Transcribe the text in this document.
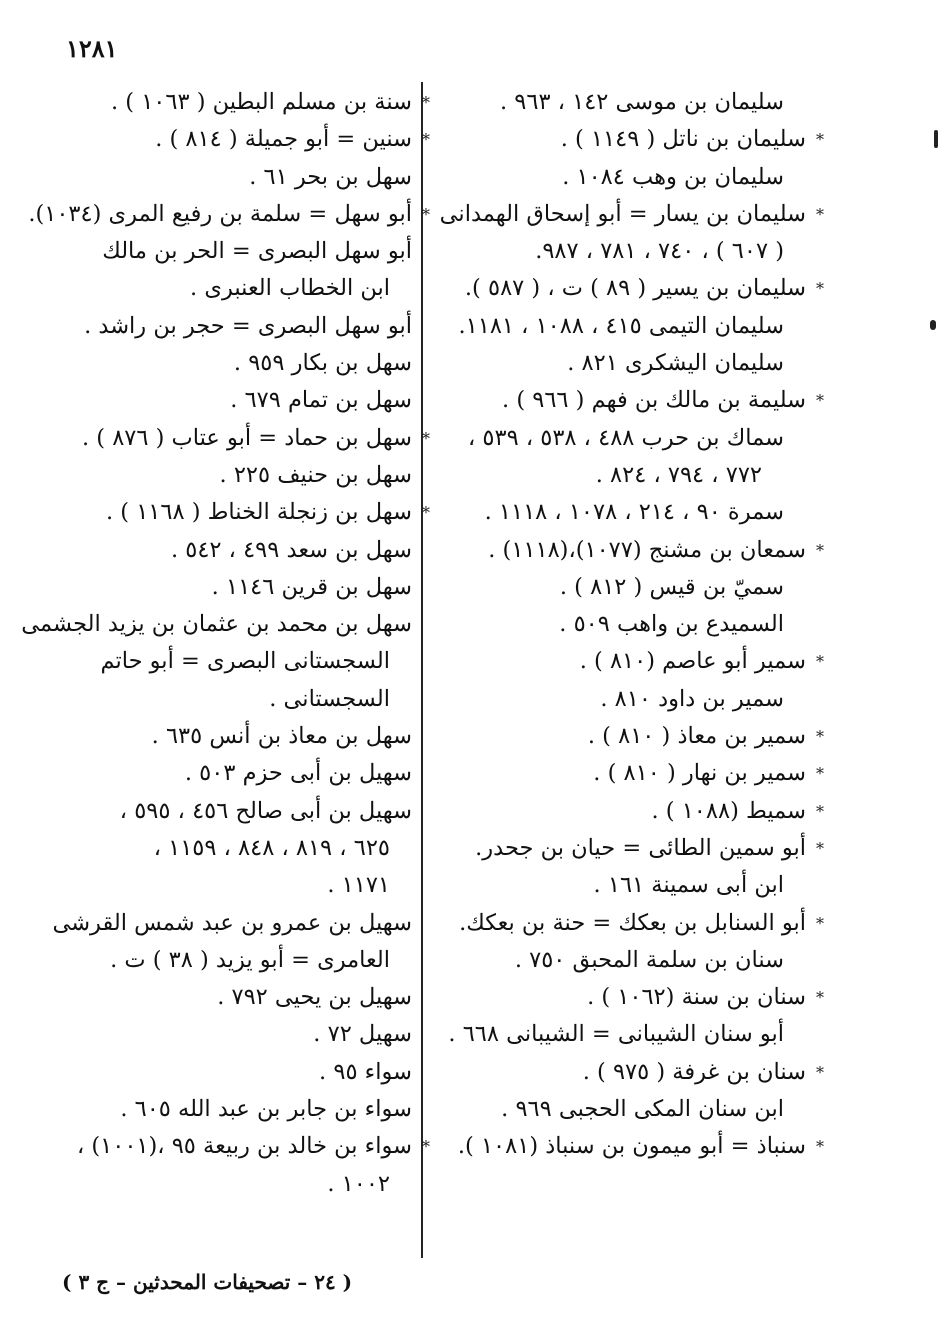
١٢٨١
سليمان بن موسى ١٤٢ ، ٩٦٣ .
*
سليمان بن ناتل ( ١١٤٩ ) .
سليمان بن وهب ١٠٨٤ .
*
سليمان بن يسار = أبو إسحاق الهمدانى
( ٦٠٧ ) ، ٧٤٠ ، ٧٨١ ، ٩٨٧.
*
سليمان بن يسير ( ٨٩ ) ت ، ( ٥٨٧ ).
سليمان التيمى ٤١٥ ، ١٠٨٨ ، ١١٨١.
سليمان اليشكرى ٨٢١ .
*
سليمة بن مالك بن فهم ( ٩٦٦ ) .
سماك بن حرب ٤٨٨ ، ٥٣٨ ، ٥٣٩ ،
٧٧٢ ، ٧٩٤ ، ٨٢٤ .
سمرة ٩٠ ، ٢١٤ ، ١٠٧٨ ، ١١١٨ .
*
سمعان بن مشنج (١٠٧٧)،(١١١٨) .
سميّ بن قيس ( ٨١٢ ) .
السميدع بن واهب ٥٠٩ .
*
سمير أبو عاصم (٨١٠ ) .
سمير بن داود ٨١٠ .
*
سمير بن معاذ ( ٨١٠ ) .
*
سمير بن نهار ( ٨١٠ ) .
*
سميط (١٠٨٨ ) .
*
أبو سمين الطائى = حيان بن جحدر.
ابن أبى سمينة ١٦١ .
*
أبو السنابل بن بعكك = حنة بن بعكك.
سنان بن سلمة المحبق ٧٥٠ .
*
سنان بن سنة (١٠٦٢ ) .
أبو سنان الشيبانى = الشيبانى ٦٦٨ .
*
سنان بن غرفة ( ٩٧٥ ) .
ابن سنان المكى الحجبى ٩٦٩ .
*
سنباذ = أبو ميمون بن سنباذ (١٠٨١ ).
*
سنة بن مسلم البطين ( ١٠٦٣ ) .
*
سنين = أبو جميلة ( ٨١٤ ) .
سهل بن بحر ٦١ .
*
أبو سهل = سلمة بن رفيع المرى (١٠٣٤).
أبو سهل البصرى = الحر بن مالك
ابن الخطاب العنبرى .
أبو سهل البصرى = حجر بن راشد .
سهل بن بكار ٩٥٩ .
سهل بن تمام ٦٧٩ .
*
سهل بن حماد = أبو عتاب ( ٨٧٦ ) .
سهل بن حنيف ٢٢٥ .
*
سهل بن زنجلة الخناط ( ١١٦٨ ) .
سهل بن سعد ٤٩٩ ، ٥٤٢ .
سهل بن قرين ١١٤٦ .
سهل بن محمد بن عثمان بن يزيد الجشمى
السجستانى البصرى = أبو حاتم
السجستانى .
سهل بن معاذ بن أنس ٦٣٥ .
سهيل بن أبى حزم ٥٠٣ .
سهيل بن أبى صالح ٤٥٦ ، ٥٩٥ ،
٦٢٥ ، ٨١٩ ، ٨٤٨ ، ١١٥٩ ،
١١٧١ .
سهيل بن عمرو بن عبد شمس القرشى
العامرى = أبو يزيد ( ٣٨ ) ت .
سهيل بن يحيى ٧٩٢ .
سهيل ٧٢ .
سواء ٩٥ .
سواء بن جابر بن عبد الله ٦٠٥ .
*
سواء بن خالد بن ربيعة ٩٥ ،(١٠٠١) ،
١٠٠٢ .
( ٢٤ – تصحيفات المحدثين – ج ٣ )
